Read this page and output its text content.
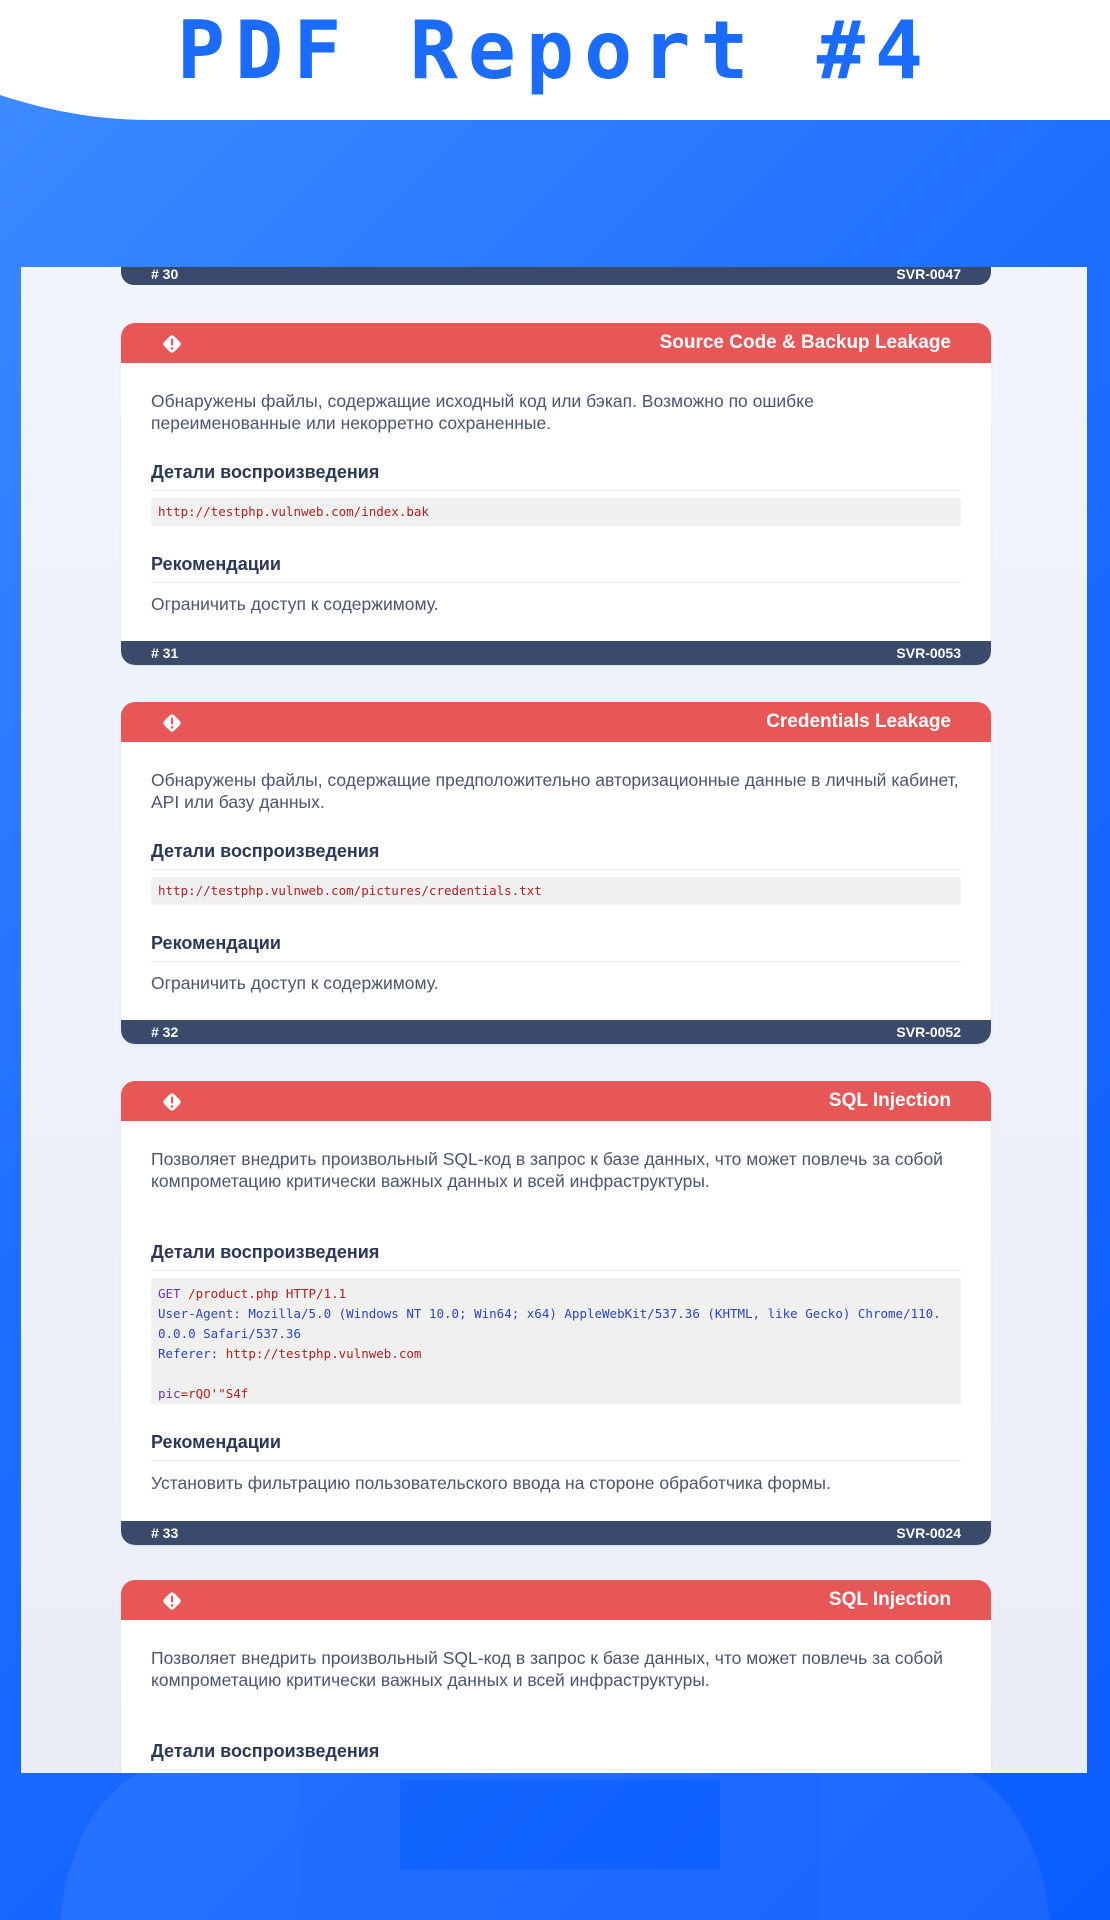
PDF Report #4
# 30	SVR-0047
Source Code & Backup Leakage

Обнаружены файлы, содержащие исходный код или бэкап. Возможно по ошибке переименованные или некорретно сохраненные.

Детали воспроизведения
http://testphp.vulnweb.com/index.bak
Рекомендации
Ограничить доступ к содержимому.
# 31	SVR-0053
Credentials Leakage

Обнаружены файлы, содержащие предположительно авторизационные данные в личный кабинет, API или базу данных.

Детали воспроизведения
http://testphp.vulnweb.com/pictures/credentials.txt
Рекомендации
Ограничить доступ к содержимому.
# 32	SVR-0052
SQL Injection

Позволяет внедрить произвольный SQL-код в запрос к базе данных, что может повлечь за собой компрометацию критически важных данных и всей инфраструктуры.

Детали воспроизведения
GET /product.php HTTP/1.1
User-Agent: Mozilla/5.0 (Windows NT 10.0; Win64; x64) AppleWebKit/537.36 (KHTML, like Gecko) Chrome/110.0.0.0 Safari/537.36
Referer: http://testphp.vulnweb.com

pic=rQO'"S4f
Рекомендации
Установить фильтрацию пользовательского ввода на стороне обработчика формы.
# 33	SVR-0024
SQL Injection

Позволяет внедрить произвольный SQL-код в запрос к базе данных, что может повлечь за собой компрометацию критически важных данных и всей инфраструктуры.

Детали воспроизведения
